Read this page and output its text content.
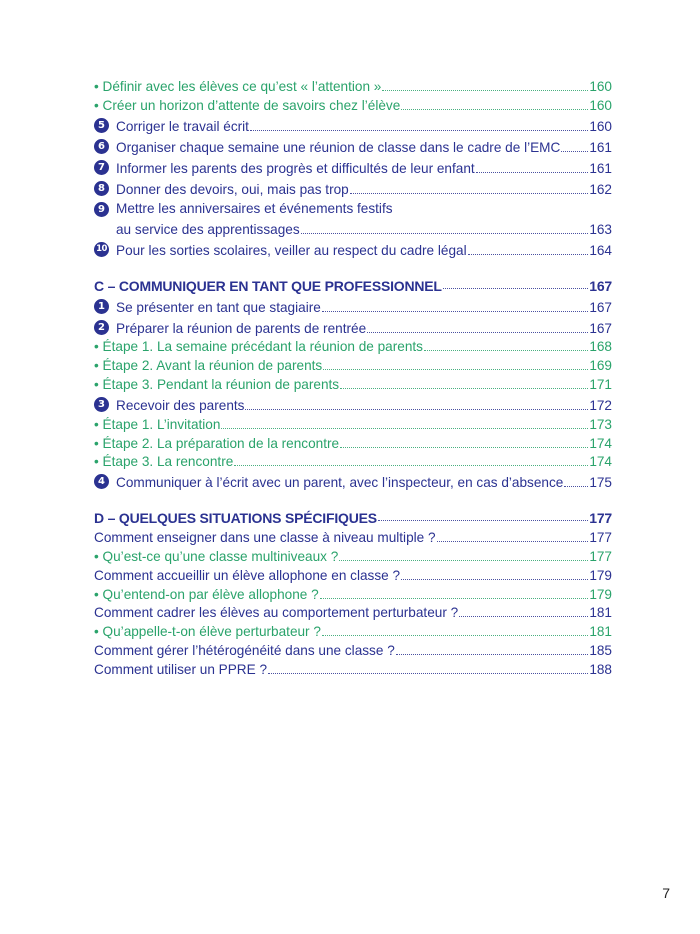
• Définir avec les élèves ce qu’est « l’attention »	160
• Créer un horizon d’attente de savoirs chez l’élève	160
5 Corriger le travail écrit	160
6 Organiser chaque semaine une réunion de classe dans le cadre de l’EMC 161
7 Informer les parents des progrès et difficultés de leur enfant	161
8 Donner des devoirs, oui, mais pas trop	162
9 Mettre les anniversaires et événements festifs
au service des apprentissages	163
10 Pour les sorties scolaires, veiller au respect du cadre légal	164
C – COMMUNIQUER EN TANT QUE PROFESSIONNEL	167
1 Se présenter en tant que stagiaire	167
2 Préparer la réunion de parents de rentrée	167
• Étape 1. La semaine précédant la réunion de parents	168
• Étape 2. Avant la réunion de parents	169
• Étape 3. Pendant la réunion de parents	171
3 Recevoir des parents	172
• Étape 1. L’invitation	173
• Étape 2. La préparation de la rencontre	174
• Étape 3. La rencontre	174
4 Communiquer à l’écrit avec un parent, avec l’inspecteur, en cas d’absence 175
D – QUELQUES SITUATIONS SPÉCIFIQUES	177
Comment enseigner dans une classe à niveau multiple ?	177
• Qu’est-ce qu’une classe multiniveaux ?	177
Comment accueillir un élève allophone en classe ?	179
• Qu’entend-on par élève allophone ?	179
Comment cadrer les élèves au comportement perturbateur ?	181
• Qu’appelle-t-on élève perturbateur ?	181
Comment gérer l’hétérogénéité dans une classe ?	185
Comment utiliser un PPRE ?	188
7
